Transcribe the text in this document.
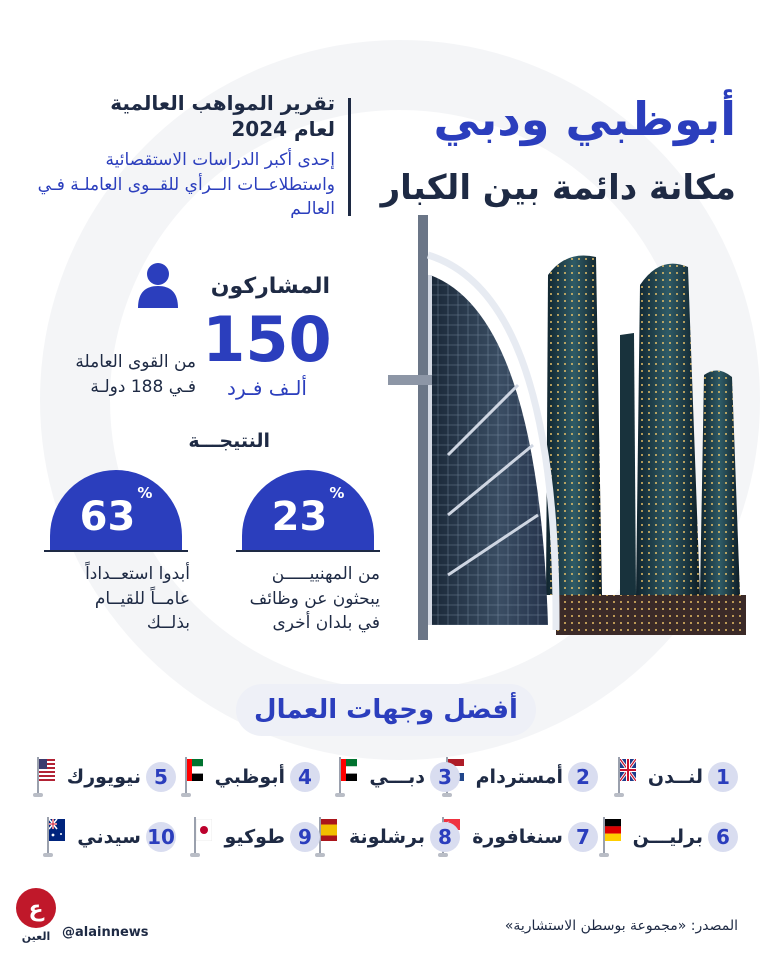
أبوظبي ودبي
مكانة دائمة بين الكبار
تقرير المواهب العالمية
لعام 2024

إحدى أكبر الدراسات الاستقصائية واستطلاعــات الــرأي للقــوى العاملـة فـي العالـم

المشاركون
150
ألـف فـرد
من القوى العاملة
فـي 188 دولـة
النتيجـــة
%
23
من المهنييـــــن
يبحثون عن وظائف
في بلدان أخرى
%
63
أبدوا استعــداداً
عامــاً للقيــام
بذلــك
أفضل وجهات العمال
1
لنــدن
2
أمستردام
3
دبـــي
4
أبوظبي
5
نيويورك
6
برليـــن
7
سنغافورة
8
برشلونة
9
طوكيو
10
سيدني
ع
العين @alainnews	المصدر: «مجموعة بوسطن الاستشارية»
